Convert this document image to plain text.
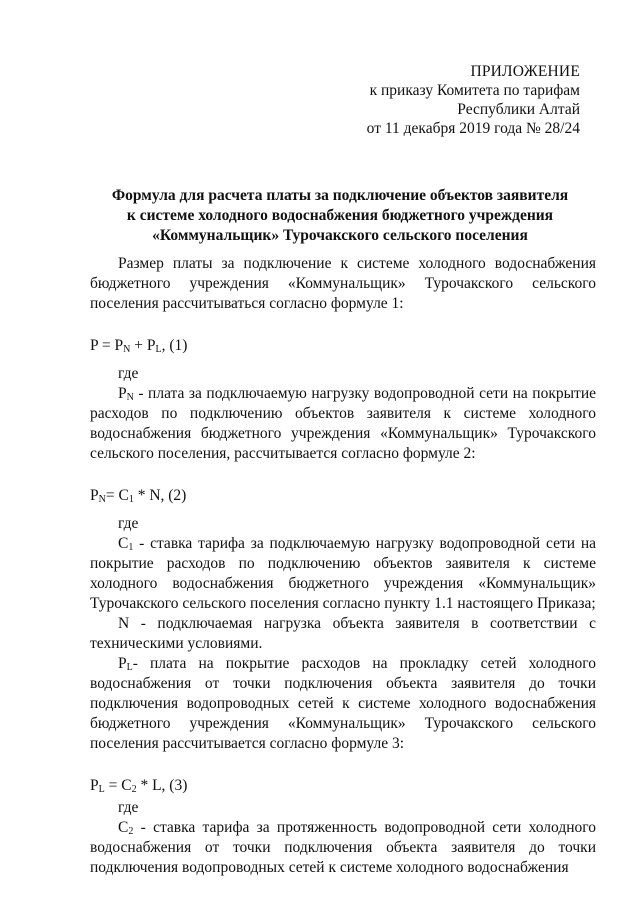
ПРИЛОЖЕНИЕ
к приказу Комитета по тарифам
Республики Алтай
от 11 декабря 2019 года № 28/24
Формула для расчета платы за подключение объектов заявителя
к системе холодного водоснабжения бюджетного учреждения
«Коммунальщик» Турочакского сельского поселения

Размер платы за подключение к системе холодного водоснабжения бюджетного учреждения «Коммунальщик» Турочакского сельского поселения рассчитываться согласно формуле 1:

$P = P_N + P_L$, (1)

где

$P_N$ - плата за подключаемую нагрузку водопроводной сети на покрытие расходов по подключению объектов заявителя к системе холодного водоснабжения бюджетного учреждения «Коммунальщик» Турочакского сельского поселения, рассчитывается согласно формуле 2:

$P_N= C_1 * N$, (2)

где

$C_1$ - ставка тарифа за подключаемую нагрузку водопроводной сети на покрытие расходов по подключению объектов заявителя к системе холодного водоснабжения бюджетного учреждения «Коммунальщик» Турочакского сельского поселения согласно пункту 1.1 настоящего Приказа;

N - подключаемая нагрузка объекта заявителя в соответствии с техническими условиями.

$P_L-$ плата на покрытие расходов на прокладку сетей холодного водоснабжения от точки подключения объекта заявителя до точки подключения водопроводных сетей к системе холодного водоснабжения бюджетного учреждения «Коммунальщик» Турочакского сельского поселения рассчитывается согласно формуле 3:

$P_L = C_2 * L$, (3)

где

$C_2$ - ставка тарифа за протяженность водопроводной сети холодного водоснабжения от точки подключения объекта заявителя до точки подключения водопроводных сетей к системе холодного водоснабжения
